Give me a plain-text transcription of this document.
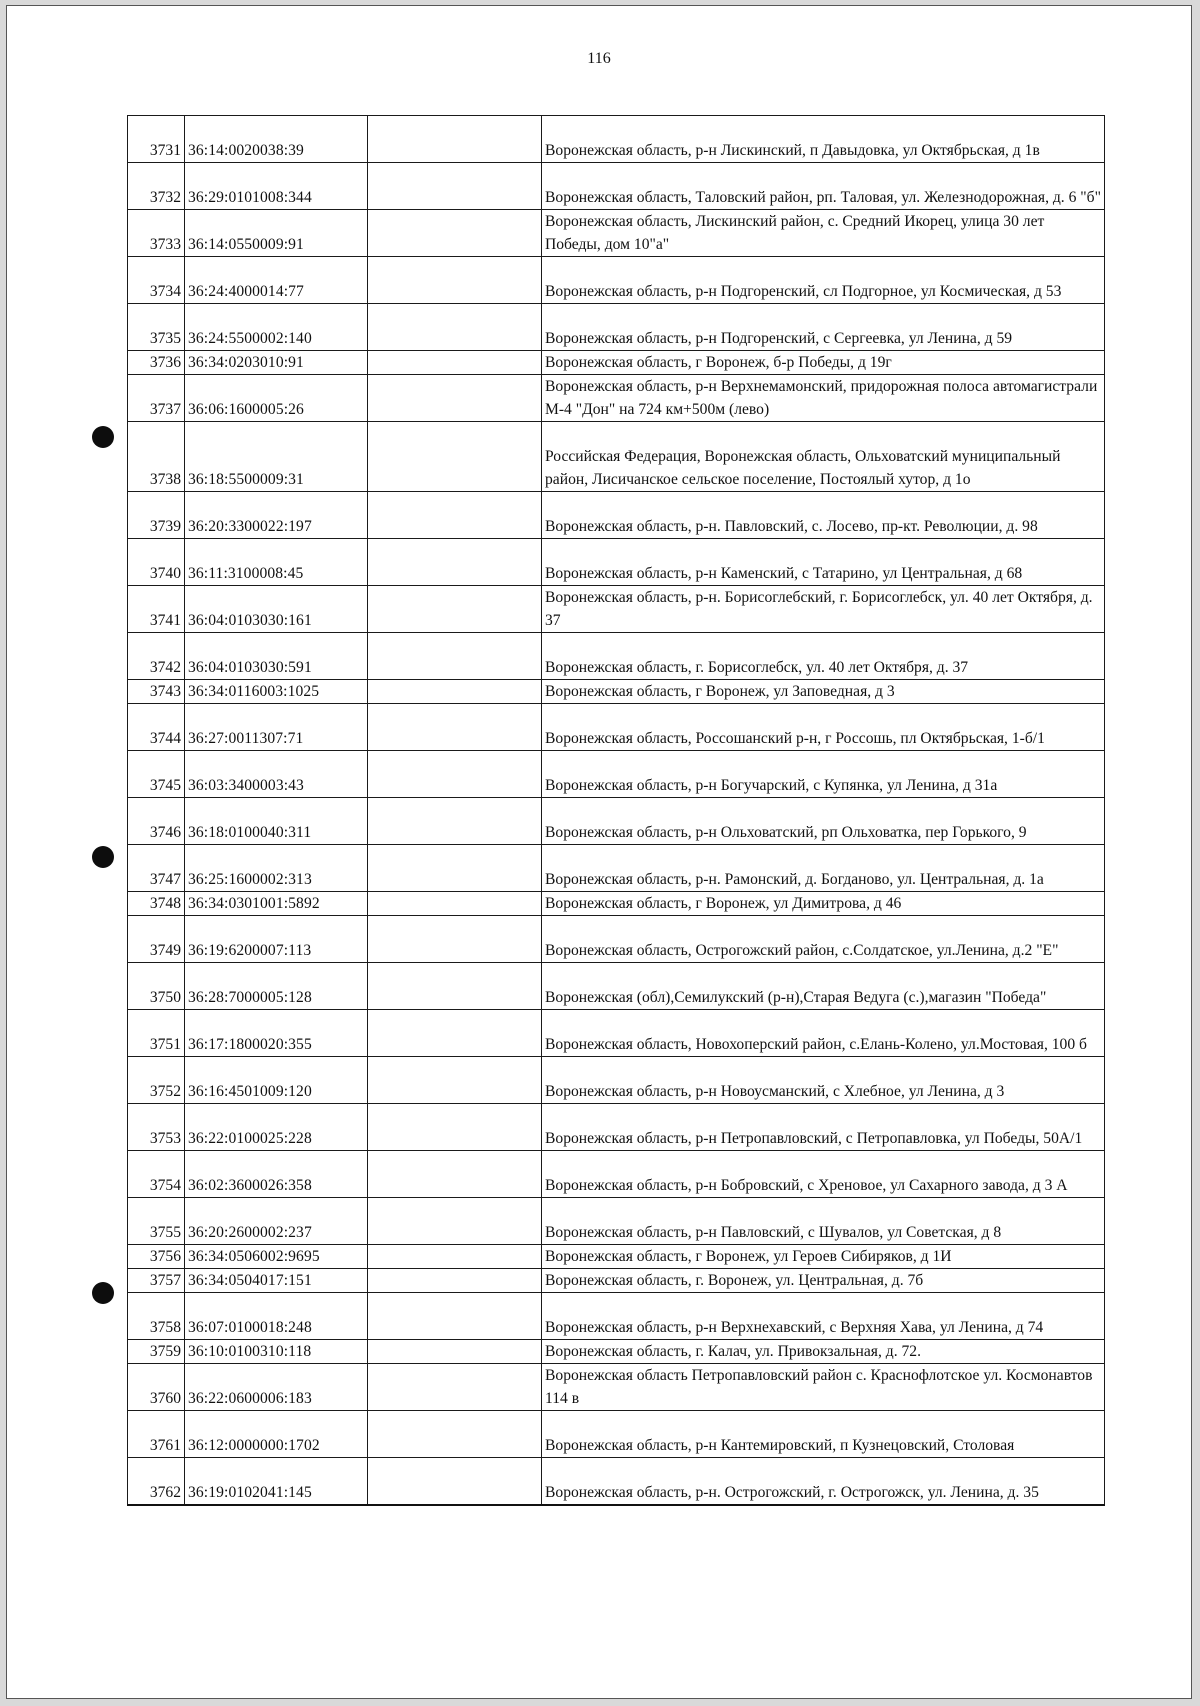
116
3731	36:14:0020038:39		Воронежская область, р-н Лискинский, п Давыдовка, ул Октябрьская, д 1в
3732	36:29:0101008:344		Воронежская область, Таловский район, рп. Таловая, ул. Железнодорожная, д. 6 "б"
3733	36:14:0550009:91		Воронежская область, Лискинский район, с. Средний Икорец, улица 30 лет Победы, дом 10"а"
3734	36:24:4000014:77		Воронежская область, р-н Подгоренский, сл Подгорное, ул Космическая, д 53
3735	36:24:5500002:140		Воронежская область, р-н Подгоренский, с Сергеевка, ул Ленина, д 59
3736	36:34:0203010:91		Воронежская область, г Воронеж, б-р Победы, д 19г
3737	36:06:1600005:26		Воронежская область, р-н Верхнемамонский, придорожная полоса автомагистрали М-4 "Дон" на 724 км+500м (лево)
3738	36:18:5500009:31		Российская Федерация, Воронежская область, Ольховатский муниципальный район, Лисичанское сельское поселение, Постоялый хутор, д 1о
3739	36:20:3300022:197		Воронежская область, р-н. Павловский, с. Лосево, пр-кт. Революции, д. 98
3740	36:11:3100008:45		Воронежская область, р-н Каменский, с Татарино, ул Центральная, д 68
3741	36:04:0103030:161		Воронежская область, р-н. Борисоглебский, г. Борисоглебск, ул. 40 лет Октября, д. 37
3742	36:04:0103030:591		Воронежская область, г. Борисоглебск, ул. 40 лет Октября, д. 37
3743	36:34:0116003:1025		Воронежская область, г Воронеж, ул Заповедная, д 3
3744	36:27:0011307:71		Воронежская область, Россошанский р-н, г Россошь, пл Октябрьская, 1-б/1
3745	36:03:3400003:43		Воронежская область, р-н Богучарский, с Купянка, ул Ленина, д 31а
3746	36:18:0100040:311		Воронежская область, р-н Ольховатский, рп Ольховатка, пер Горького, 9
3747	36:25:1600002:313		Воронежская область, р-н. Рамонский, д. Богданово, ул. Центральная, д. 1а
3748	36:34:0301001:5892		Воронежская область, г Воронеж, ул Димитрова, д 46
3749	36:19:6200007:113		Воронежская область, Острогожский район, с.Солдатское, ул.Ленина, д.2 "Е"
3750	36:28:7000005:128		Воронежская (обл),Семилукский (р-н),Старая Ведуга (с.),магазин "Победа"
3751	36:17:1800020:355		Воронежская область, Новохоперский район, с.Елань-Колено, ул.Мостовая, 100 б
3752	36:16:4501009:120		Воронежская область, р-н Новоусманский, с Хлебное, ул Ленина, д 3
3753	36:22:0100025:228		Воронежская область, р-н Петропавловский, с Петропавловка, ул Победы, 50А/1
3754	36:02:3600026:358		Воронежская область, р-н Бобровский, с Хреновое, ул Сахарного завода, д 3 А
3755	36:20:2600002:237		Воронежская область, р-н Павловский, с Шувалов, ул Советская, д 8
3756	36:34:0506002:9695		Воронежская область, г Воронеж, ул Героев Сибиряков, д 1И
3757	36:34:0504017:151		Воронежская область, г. Воронеж, ул. Центральная, д. 7б
3758	36:07:0100018:248		Воронежская область, р-н Верхнехавский, с Верхняя Хава, ул Ленина, д 74
3759	36:10:0100310:118		Воронежская область, г. Калач, ул. Привокзальная, д. 72.
3760	36:22:0600006:183		Воронежская область Петропавловский район с. Краснофлотское ул. Космонавтов 114 в
3761	36:12:0000000:1702		Воронежская область, р-н Кантемировский, п Кузнецовский, Столовая
3762	36:19:0102041:145		Воронежская область, р-н. Острогожский, г. Острогожск, ул. Ленина, д. 35
